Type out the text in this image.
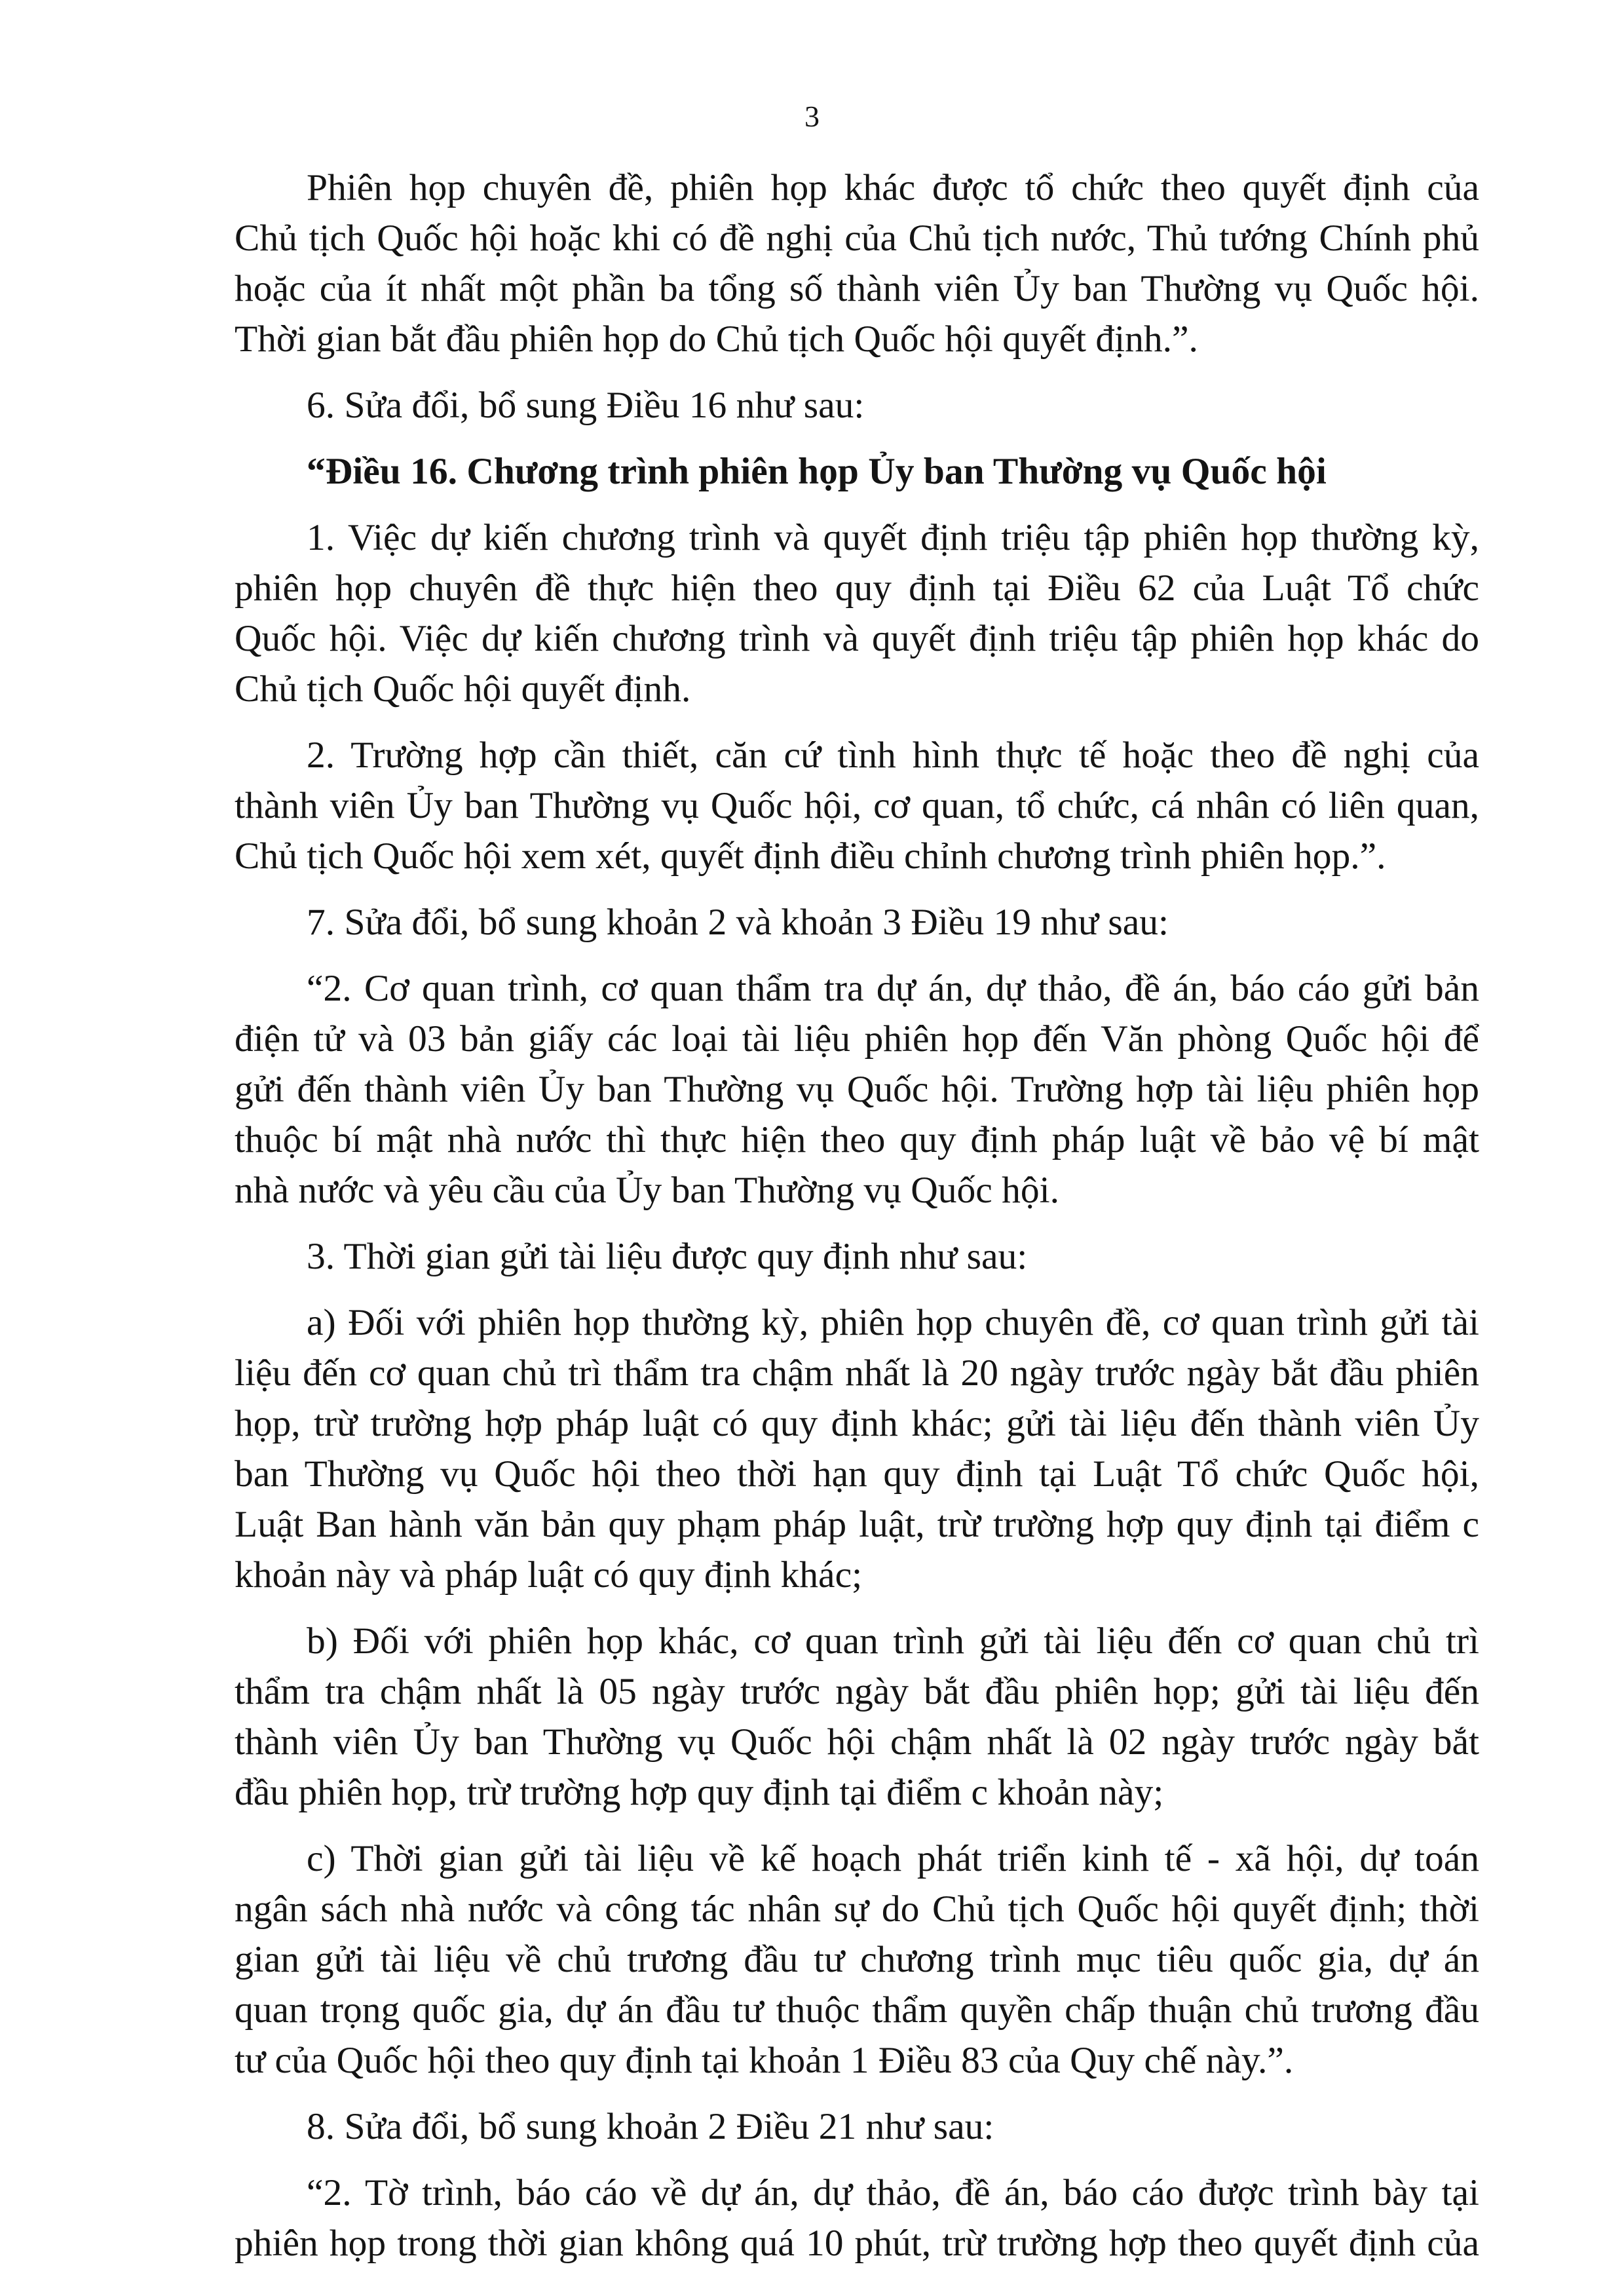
3

Phiên họp chuyên đề, phiên họp khác được tổ chức theo quyết định của
Chủ tịch Quốc hội hoặc khi có đề nghị của Chủ tịch nước, Thủ tướng Chính phủ
hoặc của ít nhất một phần ba tổng số thành viên Ủy ban Thường vụ Quốc hội.
Thời gian bắt đầu phiên họp do Chủ tịch Quốc hội quyết định.”.

6. Sửa đổi, bổ sung Điều 16 như sau:

“Điều 16. Chương trình phiên họp Ủy ban Thường vụ Quốc hội

1. Việc dự kiến chương trình và quyết định triệu tập phiên họp thường kỳ,
phiên họp chuyên đề thực hiện theo quy định tại Điều 62 của Luật Tổ chức
Quốc hội. Việc dự kiến chương trình và quyết định triệu tập phiên họp khác do
Chủ tịch Quốc hội quyết định.

2. Trường hợp cần thiết, căn cứ tình hình thực tế hoặc theo đề nghị của
thành viên Ủy ban Thường vụ Quốc hội, cơ quan, tổ chức, cá nhân có liên quan,
Chủ tịch Quốc hội xem xét, quyết định điều chỉnh chương trình phiên họp.”.

7. Sửa đổi, bổ sung khoản 2 và khoản 3 Điều 19 như sau:

“2. Cơ quan trình, cơ quan thẩm tra dự án, dự thảo, đề án, báo cáo gửi bản
điện tử và 03 bản giấy các loại tài liệu phiên họp đến Văn phòng Quốc hội để
gửi đến thành viên Ủy ban Thường vụ Quốc hội. Trường hợp tài liệu phiên họp
thuộc bí mật nhà nước thì thực hiện theo quy định pháp luật về bảo vệ bí mật
nhà nước và yêu cầu của Ủy ban Thường vụ Quốc hội.

3. Thời gian gửi tài liệu được quy định như sau:

a) Đối với phiên họp thường kỳ, phiên họp chuyên đề, cơ quan trình gửi tài
liệu đến cơ quan chủ trì thẩm tra chậm nhất là 20 ngày trước ngày bắt đầu phiên
họp, trừ trường hợp pháp luật có quy định khác; gửi tài liệu đến thành viên Ủy
ban Thường vụ Quốc hội theo thời hạn quy định tại Luật Tổ chức Quốc hội,
Luật Ban hành văn bản quy phạm pháp luật, trừ trường hợp quy định tại điểm c
khoản này và pháp luật có quy định khác;

b) Đối với phiên họp khác, cơ quan trình gửi tài liệu đến cơ quan chủ trì
thẩm tra chậm nhất là 05 ngày trước ngày bắt đầu phiên họp; gửi tài liệu đến
thành viên Ủy ban Thường vụ Quốc hội chậm nhất là 02 ngày trước ngày bắt
đầu phiên họp, trừ trường hợp quy định tại điểm c khoản này;

c) Thời gian gửi tài liệu về kế hoạch phát triển kinh tế - xã hội, dự toán
ngân sách nhà nước và công tác nhân sự do Chủ tịch Quốc hội quyết định; thời
gian gửi tài liệu về chủ trương đầu tư chương trình mục tiêu quốc gia, dự án
quan trọng quốc gia, dự án đầu tư thuộc thẩm quyền chấp thuận chủ trương đầu
tư của Quốc hội theo quy định tại khoản 1 Điều 83 của Quy chế này.”.

8. Sửa đổi, bổ sung khoản 2 Điều 21 như sau:

“2. Tờ trình, báo cáo về dự án, dự thảo, đề án, báo cáo được trình bày tại
phiên họp trong thời gian không quá 10 phút, trừ trường hợp theo quyết định của
